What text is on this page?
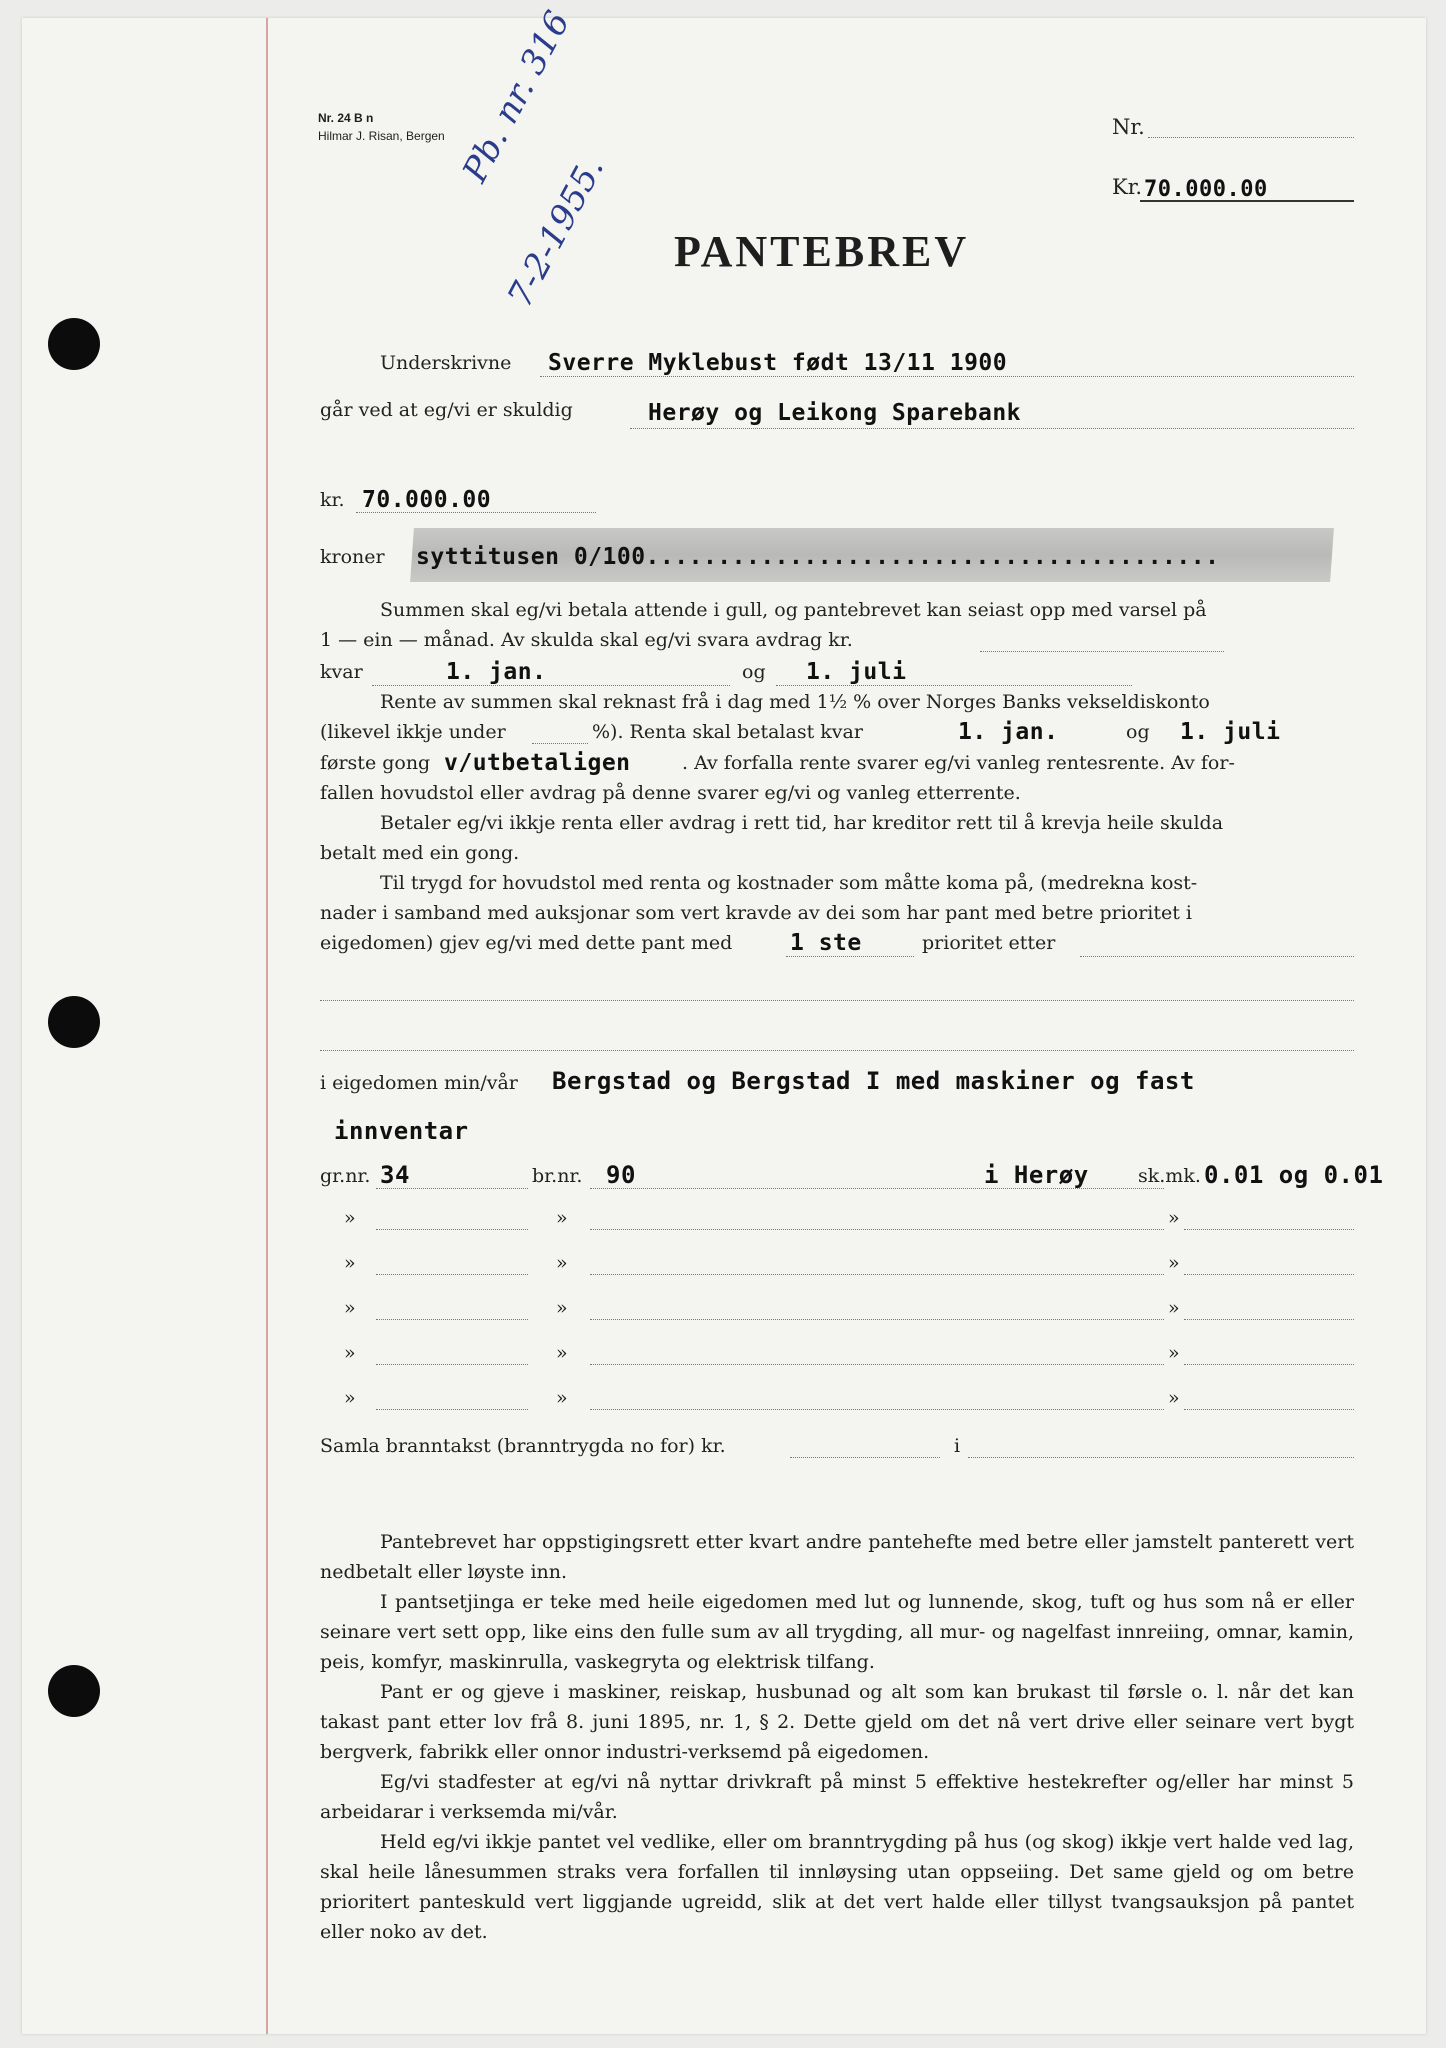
Nr. 24 B n
Hilmar J. Risan, Bergen Pb. nr. 316
7-2-1955.
Nr.
Kr. 70.000.00
PANTEBREV
Underskrivne Sverre Myklebust født 13/11 1900
går ved at eg/vi er skuldig	Herøy og Leikong Sparebank
kr. 70.000.00
kroner syttitusen 0/100........................................
Summen skal eg/vi betala attende i gull, og pantebrevet kan seiast opp med varsel på
1 — ein — månad. Av skulda skal eg/vi svara avdrag kr.
kvar	1. jan.	og 1. juli
Rente av summen skal reknast frå i dag med 1½ % over Norges Banks vekseldiskonto
(likevel ikkje under	%). Renta skal betalast kvar	1. jan.	og 1. juli
første gong v/utbetaligen	. Av forfalla rente svarer eg/vi vanleg rentesrente. Av for-
fallen hovudstol eller avdrag på denne svarer eg/vi og vanleg etterrente.
Betaler eg/vi ikkje renta eller avdrag i rett tid, har kreditor rett til å krevja heile skulda
betalt med ein gong.
Til trygd for hovudstol med renta og kostnader som måtte koma på, (medrekna kost-
nader i samband med auksjonar som vert kravde av dei som har pant med betre prioritet i
eigedomen) gjev eg/vi med dette pant med	1 ste	prioritet etter
i eigedomen min/vår Bergstad og Bergstad I med maskiner og fast
innventar
gr.nr. 34	br.nr. 90	i Herøy	sk.mk. 0.01 og 0.01
»	»	»
»	»	»
»	»	»
»	»	»
»	»	»
Samla branntakst (branntrygda no for) kr.	i

Pantebrevet har oppstigingsrett etter kvart andre pantehefte med betre eller jamstelt panterett vert nedbetalt eller løyste inn.

I pantsetjinga er teke med heile eigedomen med lut og lunnende, skog, tuft og hus som nå er eller seinare vert sett opp, like eins den fulle sum av all trygding, all mur- og nagelfast innreiing, omnar, kamin, peis, komfyr, maskinrulla, vaskegryta og elektrisk tilfang.

Pant er og gjeve i maskiner, reiskap, husbunad og alt som kan brukast til førsle o. l. når det kan takast pant etter lov frå 8. juni 1895, nr. 1, § 2. Dette gjeld om det nå vert drive eller seinare vert bygt bergverk, fabrikk eller onnor industri-verksemd på eigedomen.

Eg/vi stadfester at eg/vi nå nyttar drivkraft på minst 5 effektive hestekrefter og/eller har minst 5 arbeidarar i verksemda mi/vår.

Held eg/vi ikkje pantet vel vedlike, eller om branntrygding på hus (og skog) ikkje vert halde ved lag, skal heile lånesummen straks vera forfallen til innløysing utan oppseiing. Det same gjeld og om betre prioritert panteskuld vert liggjande ugreidd, slik at det vert halde eller tillyst tvangsauksjon på pantet eller noko av det.
